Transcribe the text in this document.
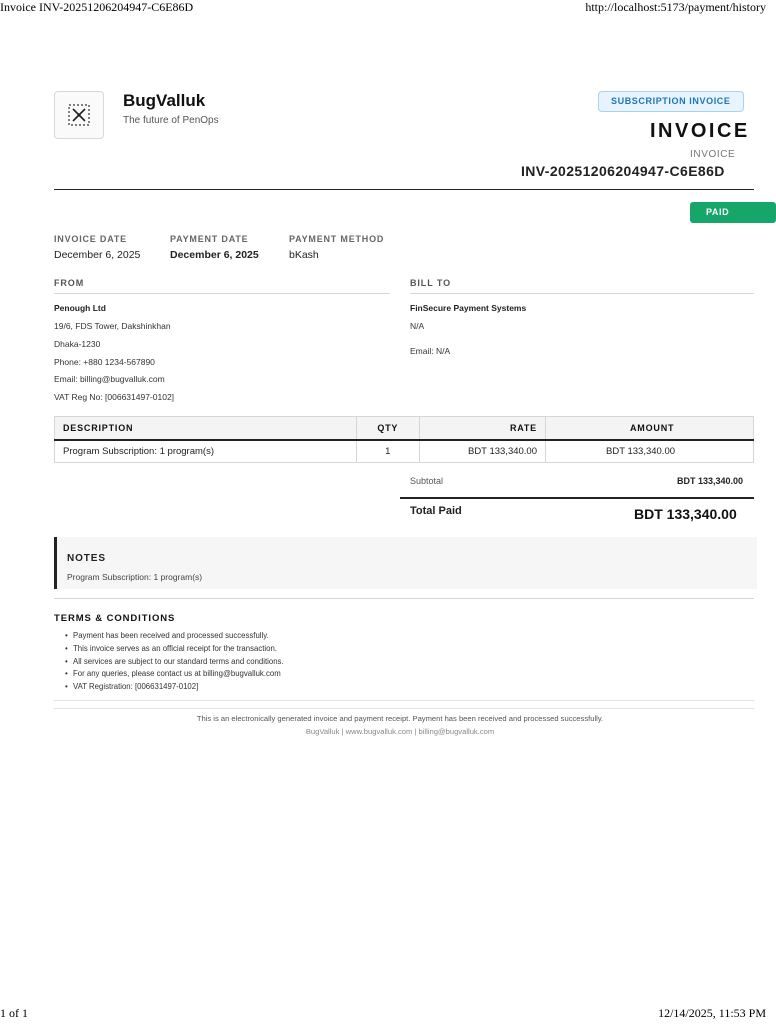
Invoice INV-20251206204947-C6E86D	http://localhost:5173/payment/history
BugValluk
The future of PenOps
SUBSCRIPTION INVOICE
INVOICE
INVOICE
INV-20251206204947-C6E86D
PAID
INVOICE DATE
December 6, 2025
PAYMENT DATE
December 6, 2025
PAYMENT METHOD
bKash
FROM
Penough Ltd
19/6, FDS Tower, Dakshinkhan
Dhaka-1230
Phone: +880 1234-567890
Email: billing@bugvalluk.com
VAT Reg No: [006631497-0102]
BILL TO
FinSecure Payment Systems
N/A
Email: N/A
DESCRIPTION	QTY	RATE	AMOUNT
Program Subscription: 1 program(s)	1	BDT 133,340.00	BDT 133,340.00
Subtotal	BDT 133,340.00
Total Paid	BDT 133,340.00
NOTES
Program Subscription: 1 program(s)
TERMS & CONDITIONS
• Payment has been received and processed successfully.
• This invoice serves as an official receipt for the transaction.
• All services are subject to our standard terms and conditions.
• For any queries, please contact us at billing@bugvalluk.com
• VAT Registration: [006631497-0102]
This is an electronically generated invoice and payment receipt. Payment has been received and processed successfully.
BugValluk | www.bugvalluk.com | billing@bugvalluk.com
1 of 1	12/14/2025, 11:53 PM
